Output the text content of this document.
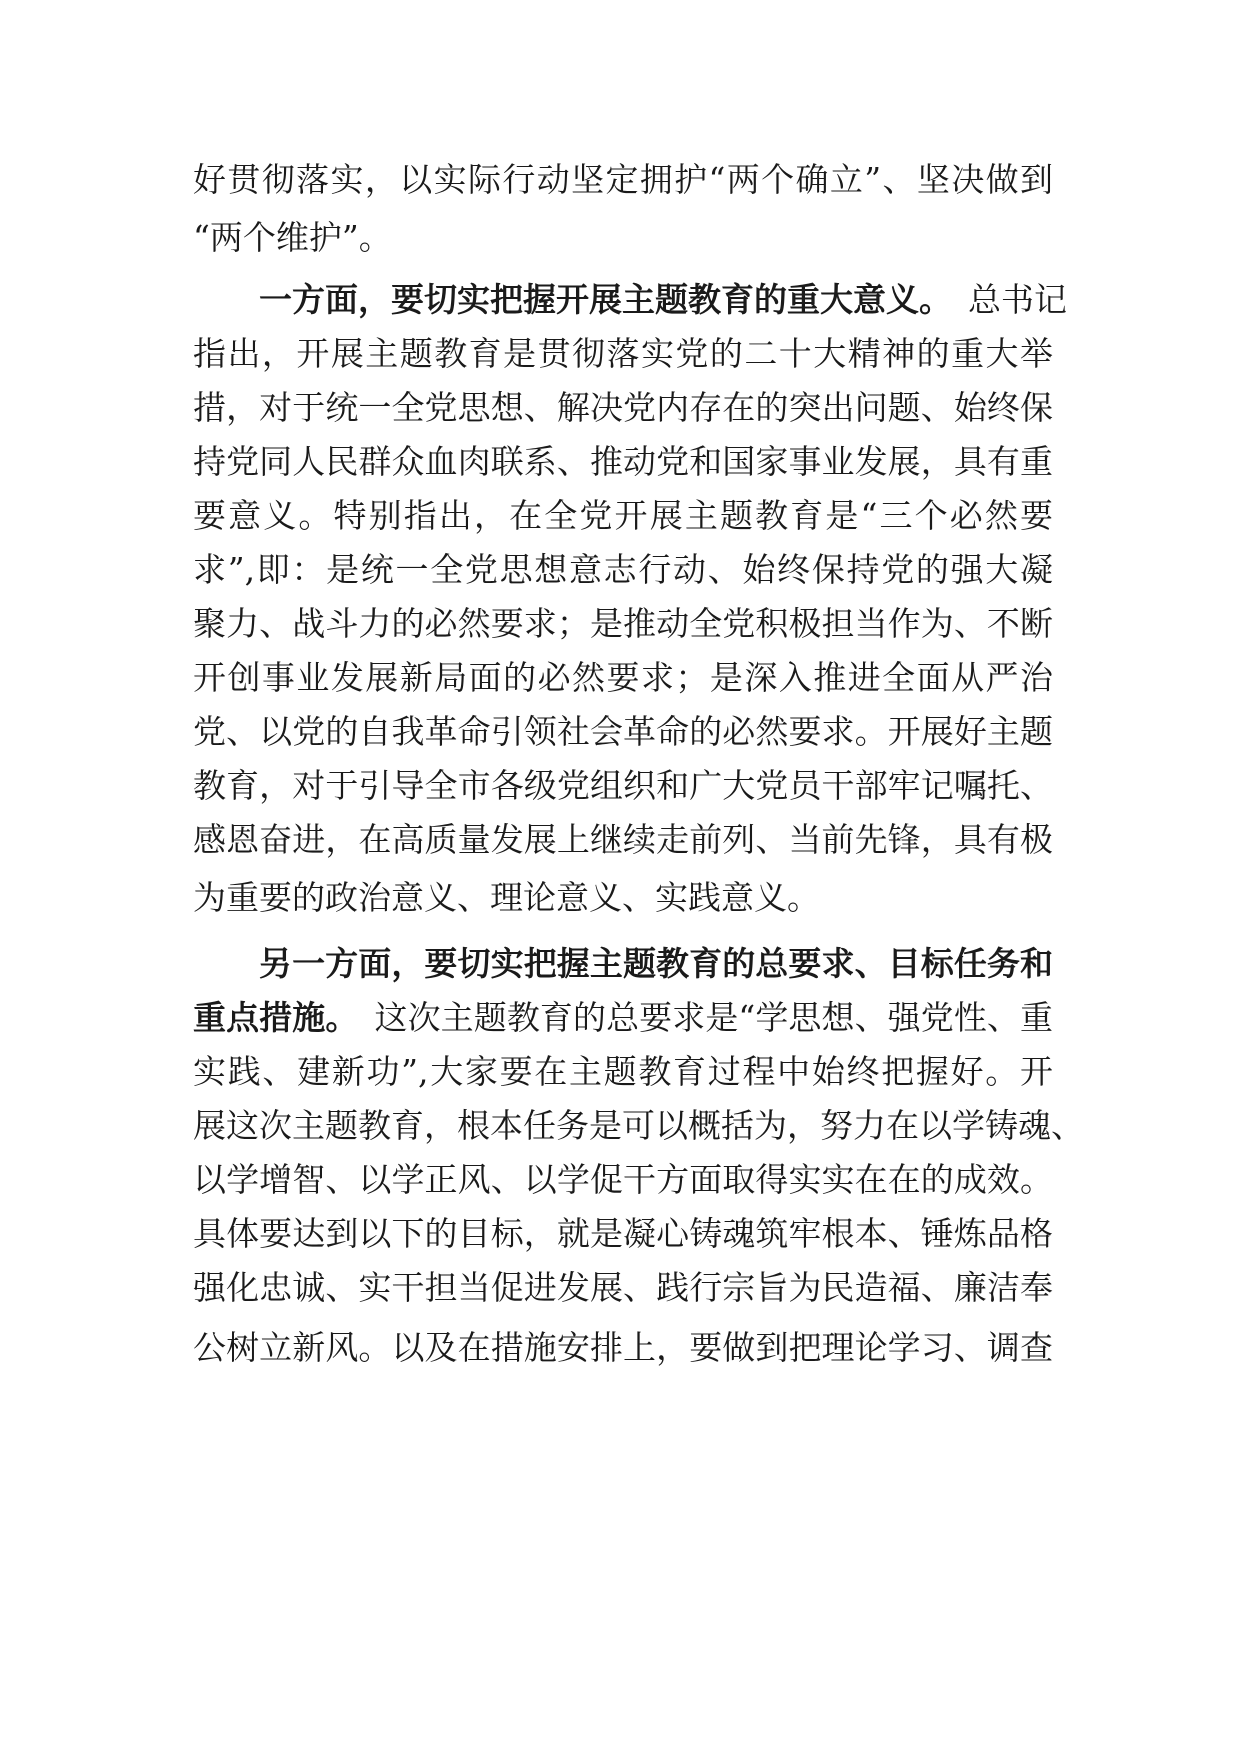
好贯彻落实，以实际行动坚定拥护“两个确立”、坚决做到
“两个维护”。
一方面，要切实把握开展主题教育的重大意义。 总书记
指出，开展主题教育是贯彻落实党的二十大精神的重大举
措，对于统一全党思想、解决党内存在的突出问题、始终保
持党同人民群众血肉联系、推动党和国家事业发展，具有重
要意义。特别指出，在全党开展主题教育是“三个必然要
求”,即：是统一全党思想意志行动、始终保持党的强大凝
聚力、战斗力的必然要求；是推动全党积极担当作为、不断
开创事业发展新局面的必然要求；是深入推进全面从严治
党、以党的自我革命引领社会革命的必然要求。开展好主题
教育，对于引导全市各级党组织和广大党员干部牢记嘱托、
感恩奋进，在高质量发展上继续走前列、当前先锋，具有极
为重要的政治意义、理论意义、实践意义。
另一方面，要切实把握主题教育的总要求、目标任务和
重点措施。 这次主题教育的总要求是“学思想、强党性、重
实践、建新功”,大家要在主题教育过程中始终把握好。开
展这次主题教育，根本任务是可以概括为，努力在以学铸魂、
以学增智、以学正风、以学促干方面取得实实在在的成效。
具体要达到以下的目标，就是凝心铸魂筑牢根本、锤炼品格
强化忠诚、实干担当促进发展、践行宗旨为民造福、廉洁奉
公树立新风。以及在措施安排上，要做到把理论学习、调查
